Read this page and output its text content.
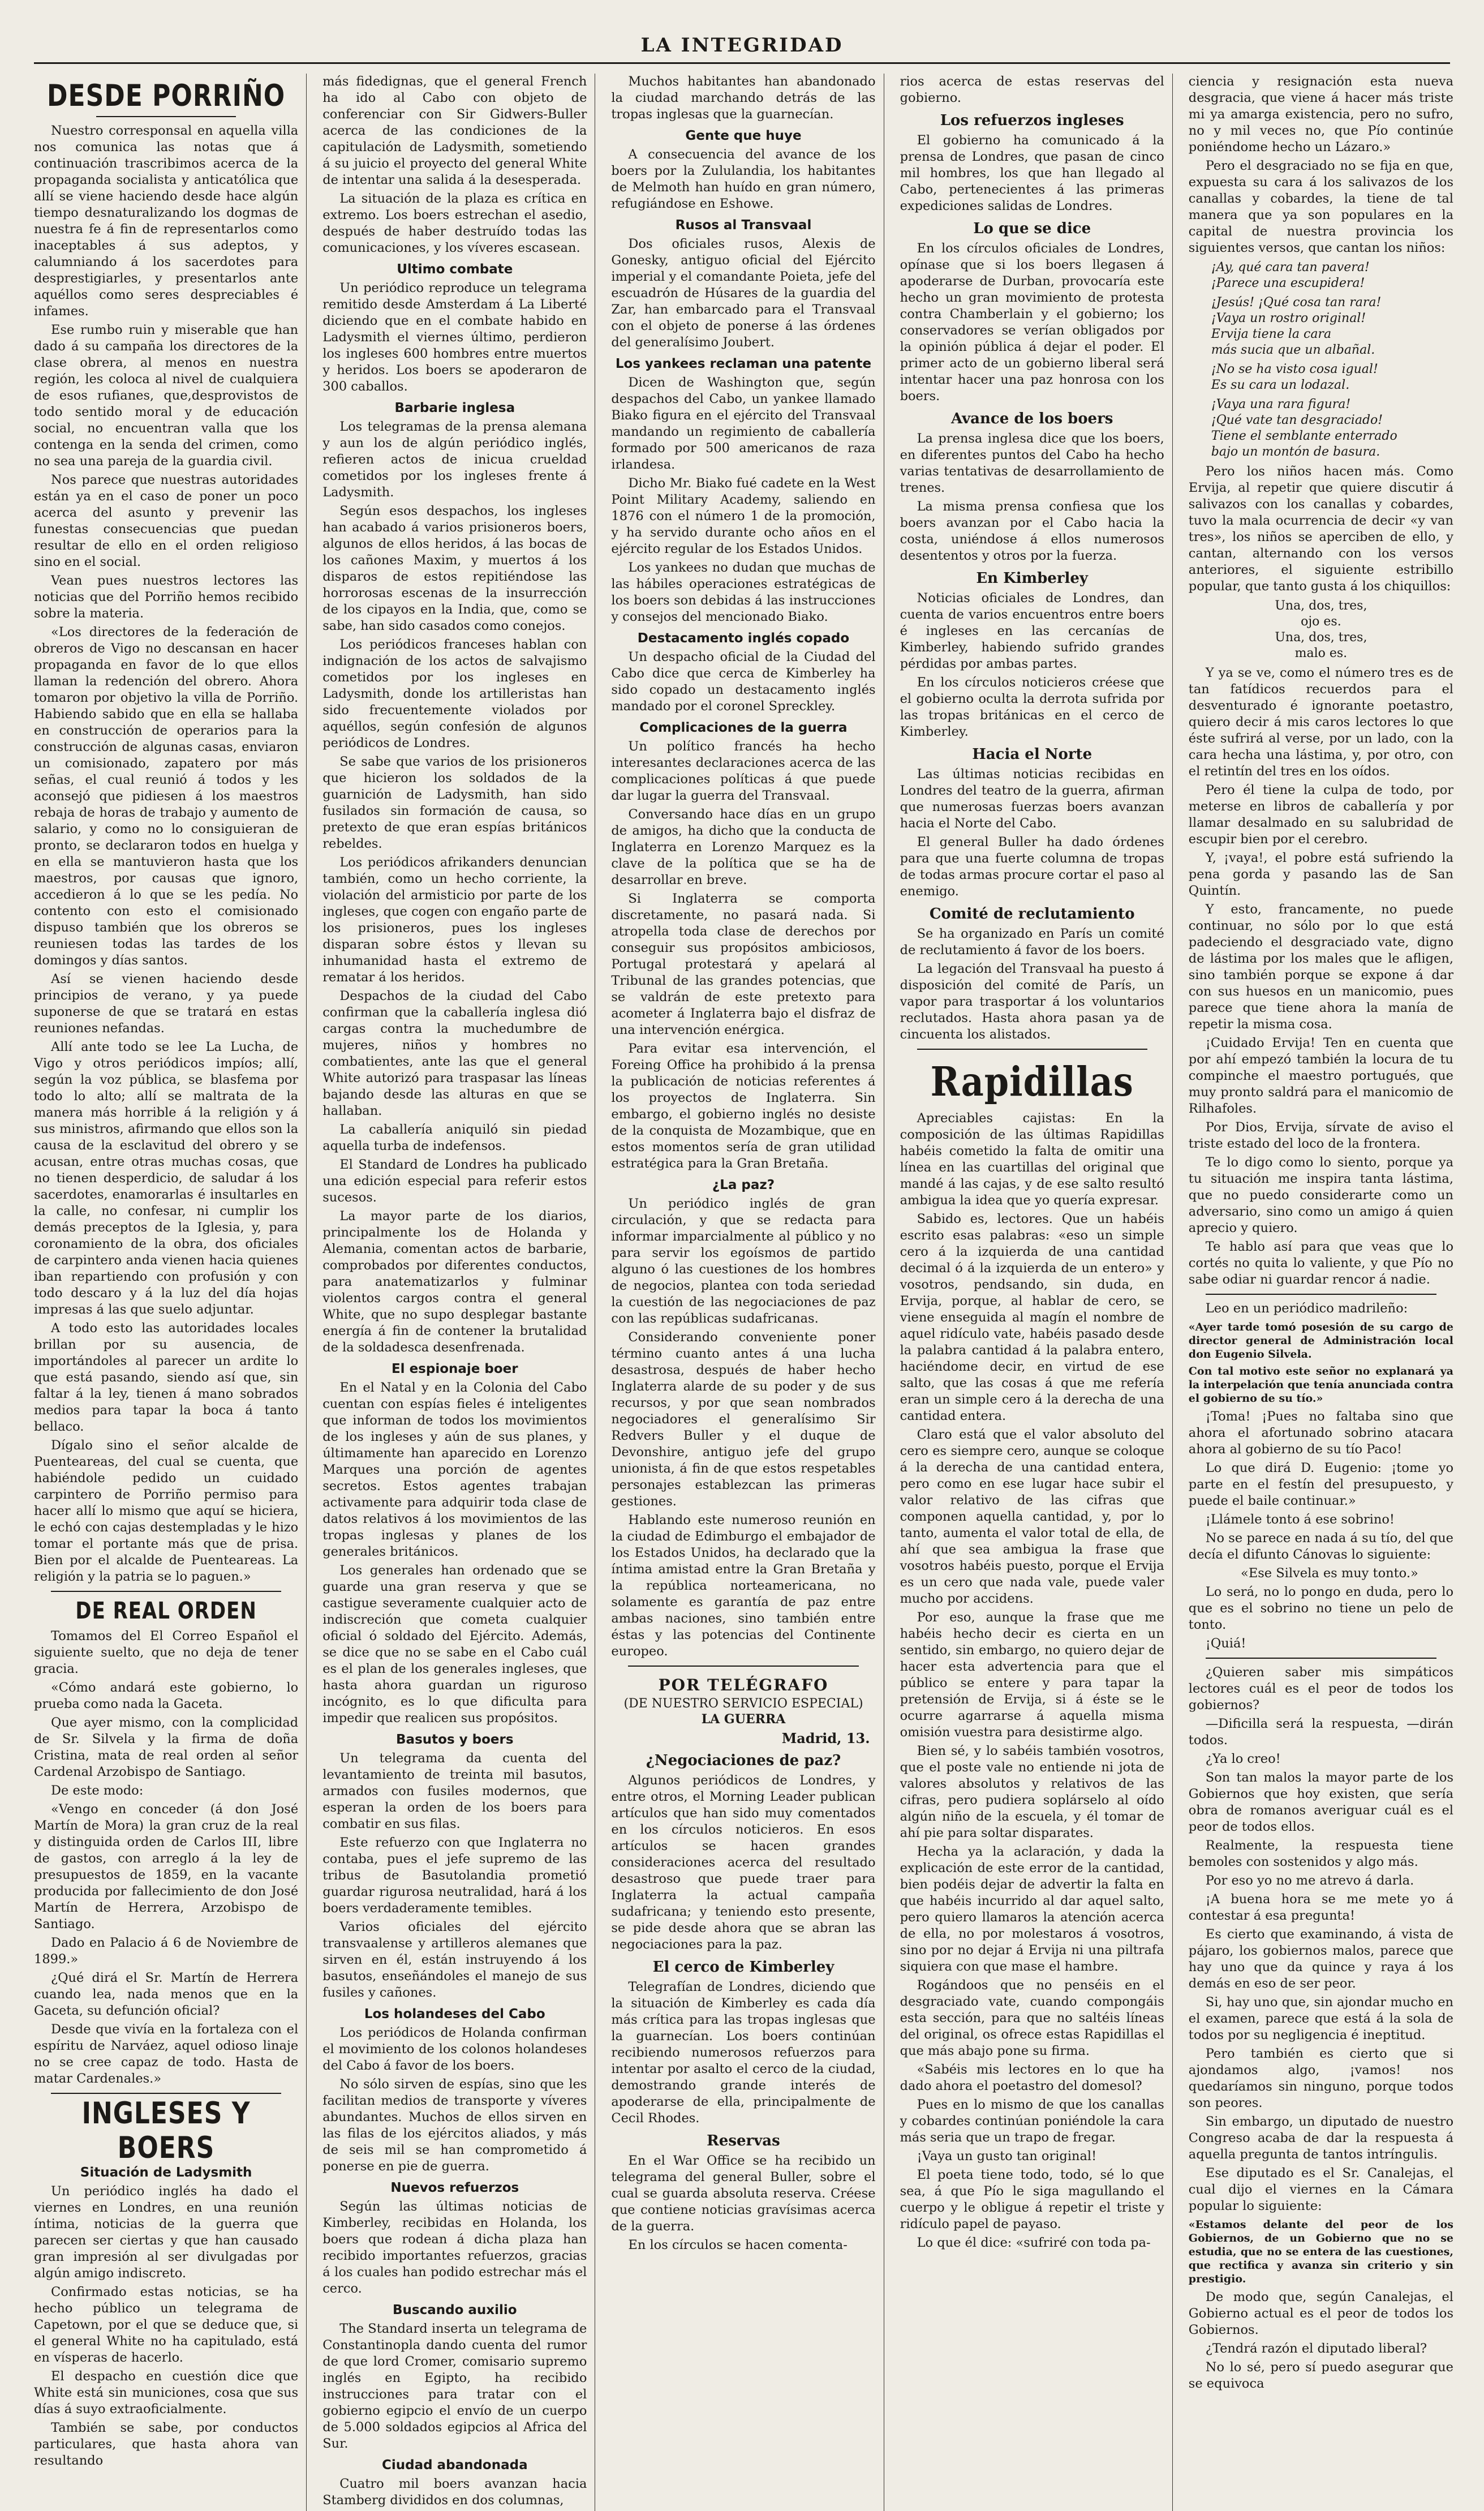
LA INTEGRIDAD
DESDE PORRIÑO

Nuestro corresponsal en aquella villa nos comunica las notas que á continuación trascribimos acerca de la propaganda socialista y anticatólica que allí se viene haciendo desde hace algún tiempo desnaturalizando los dogmas de nuestra fe á fin de representarlos como inaceptables á sus adeptos, y calumniando á los sacerdotes para desprestigiarles, y presentarlos ante aquéllos como seres despreciables é infames.

Ese rumbo ruin y miserable que han dado á su campaña los directores de la clase obrera, al menos en nuestra región, les coloca al nivel de cualquiera de esos rufianes, que,desprovistos de todo sentido moral y de educación social, no encuentran valla que los contenga en la senda del crimen, como no sea una pareja de la guardia civil.

Nos parece que nuestras autoridades están ya en el caso de poner un poco acerca del asunto y prevenir las funestas consecuencias que puedan resultar de ello en el orden religioso sino en el social.

Vean pues nuestros lectores las noticias que del Porriño hemos recibido sobre la materia.

«Los directores de la federación de obreros de Vigo no descansan en hacer propaganda en favor de lo que ellos llaman la redención del obrero. Ahora tomaron por objetivo la villa de Porriño. Habiendo sabido que en ella se hallaba en construcción de operarios para la construcción de algunas casas, enviaron un comisionado, zapatero por más señas, el cual reunió á todos y les aconsejó que pidiesen á los maestros rebaja de horas de trabajo y aumento de salario, y como no lo consiguieran de pronto, se declararon todos en huelga y en ella se mantuvieron hasta que los maestros, por causas que ignoro, accedieron á lo que se les pedía. No contento con esto el comisionado dispuso también que los obreros se reuniesen todas las tardes de los domingos y días santos.

Así se vienen haciendo desde principios de verano, y ya puede suponerse de que se tratará en estas reuniones nefandas.

Allí ante todo se lee La Lucha, de Vigo y otros periódicos impíos; allí, según la voz pública, se blasfema por todo lo alto; allí se maltrata de la manera más horrible á la religión y á sus ministros, afirmando que ellos son la causa de la esclavitud del obrero y se acusan, entre otras muchas cosas, que no tienen desperdicio, de saludar á los sacerdotes, enamorarlas é insultarles en la calle, no confesar, ni cumplir los demás preceptos de la Iglesia, y, para coronamiento de la obra, dos oficiales de carpintero anda vienen hacia quienes iban repartiendo con profusión y con todo descaro y á la luz del día hojas impresas á las que suelo adjuntar.

A todo esto las autoridades locales brillan por su ausencia, de importándoles al parecer un ardite lo que está pasando, siendo así que, sin faltar á la ley, tienen á mano sobrados medios para tapar la boca á tanto bellaco.

Dígalo sino el señor alcalde de Puenteareas, del cual se cuenta, que habiéndole pedido un cuidado carpintero de Porriño permiso para hacer allí lo mismo que aquí se hiciera, le echó con cajas destempladas y le hizo tomar el portante más que de prisa. Bien por el alcalde de Puenteareas. La religión y la patria se lo paguen.»

DE REAL ORDEN

Tomamos del El Correo Español el siguiente suelto, que no deja de tener gracia.

«Cómo andará este gobierno, lo prueba como nada la Gaceta.

Que ayer mismo, con la complicidad de Sr. Silvela y la firma de doña Cristina, mata de real orden al señor Cardenal Arzobispo de Santiago.

De este modo:

«Vengo en conceder (á don José Martín de Mora) la gran cruz de la real y distinguida orden de Carlos III, libre de gastos, con arreglo á la ley de presupuestos de 1859, en la vacante producida por fallecimiento de don José Martín de Herrera, Arzobispo de Santiago.

Dado en Palacio á 6 de Noviembre de 1899.»

¿Qué dirá el Sr. Martín de Herrera cuando lea, nada menos que en la Gaceta, su defunción oficial?

Desde que vivía en la fortaleza con el espíritu de Narváez, aquel odioso linaje no se cree capaz de todo. Hasta de matar Cardenales.»

INGLESES Y BOERS
Situación de Ladysmith

Un periódico inglés ha dado el viernes en Londres, en una reunión íntima, noticias de la guerra que parecen ser ciertas y que han causado gran impresión al ser divulgadas por algún amigo indiscreto.

Confirmado estas noticias, se ha hecho público un telegrama de Capetown, por el que se deduce que, si el general White no ha capitulado, está en vísperas de hacerlo.

El despacho en cuestión dice que White está sin municiones, cosa que sus días á suyo extraoficialmente.

También se sabe, por conductos particulares, que hasta ahora van resultando

más fidedignas, que el general French ha ido al Cabo con objeto de conferenciar con Sir Gidwers-Buller acerca de las condiciones de la capitulación de Ladysmith, sometiendo á su juicio el proyecto del general White de intentar una salida á la desesperada.

La situación de la plaza es crítica en extremo. Los boers estrechan el asedio, después de haber destruído todas las comunicaciones, y los víveres escasean.

Ultimo combate

Un periódico reproduce un telegrama remitido desde Amsterdam á La Liberté diciendo que en el combate habido en Ladysmith el viernes último, perdieron los ingleses 600 hombres entre muertos y heridos. Los boers se apoderaron de 300 caballos.

Barbarie inglesa

Los telegramas de la prensa alemana y aun los de algún periódico inglés, refieren actos de inicua crueldad cometidos por los ingleses frente á Ladysmith.

Según esos despachos, los ingleses han acabado á varios prisioneros boers, algunos de ellos heridos, á las bocas de los cañones Maxim, y muertos á los disparos de estos repitiéndose las horrorosas escenas de la insurrección de los cipayos en la India, que, como se sabe, han sido casados como conejos.

Los periódicos franceses hablan con indignación de los actos de salvajismo cometidos por los ingleses en Ladysmith, donde los artilleristas han sido frecuentemente violados por aquéllos, según confesión de algunos periódicos de Londres.

Se sabe que varios de los prisioneros que hicieron los soldados de la guarnición de Ladysmith, han sido fusilados sin formación de causa, so pretexto de que eran espías británicos rebeldes.

Los periódicos afrikanders denuncian también, como un hecho corriente, la violación del armisticio por parte de los ingleses, que cogen con engaño parte de los prisioneros, pues los ingleses disparan sobre éstos y llevan su inhumanidad hasta el extremo de rematar á los heridos.

Despachos de la ciudad del Cabo confirman que la caballería inglesa dió cargas contra la muchedumbre de mujeres, niños y hombres no combatientes, ante las que el general White autorizó para traspasar las líneas bajando desde las alturas en que se hallaban.

La caballería aniquiló sin piedad aquella turba de indefensos.

El Standard de Londres ha publicado una edición especial para referir estos sucesos.

La mayor parte de los diarios, principalmente los de Holanda y Alemania, comentan actos de barbarie, comprobados por diferentes conductos, para anatematizarlos y fulminar violentos cargos contra el general White, que no supo desplegar bastante energía á fin de contener la brutalidad de la soldadesca desenfrenada.

El espionaje boer

En el Natal y en la Colonia del Cabo cuentan con espías fieles é inteligentes que informan de todos los movimientos de los ingleses y aún de sus planes, y últimamente han aparecido en Lorenzo Marques una porción de agentes secretos. Estos agentes trabajan activamente para adquirir toda clase de datos relativos á los movimientos de las tropas inglesas y planes de los generales británicos.

Los generales han ordenado que se guarde una gran reserva y que se castigue severamente cualquier acto de indiscreción que cometa cualquier oficial ó soldado del Ejército. Además, se dice que no se sabe en el Cabo cuál es el plan de los generales ingleses, que hasta ahora guardan un riguroso incógnito, es lo que dificulta para impedir que realicen sus propósitos.

Basutos y boers

Un telegrama da cuenta del levantamiento de treinta mil basutos, armados con fusiles modernos, que esperan la orden de los boers para combatir en sus filas.

Este refuerzo con que Inglaterra no contaba, pues el jefe supremo de las tribus de Basutolandia prometió guardar rigurosa neutralidad, hará á los boers verdaderamente temibles.

Varios oficiales del ejército transvaalense y artilleros alemanes que sirven en él, están instruyendo á los basutos, enseñándoles el manejo de sus fusiles y cañones.

Los holandeses del Cabo

Los periódicos de Holanda confirman el movimiento de los colonos holandeses del Cabo á favor de los boers.

No sólo sirven de espías, sino que les facilitan medios de transporte y víveres abundantes. Muchos de ellos sirven en las filas de los ejércitos aliados, y más de seis mil se han comprometido á ponerse en pie de guerra.

Nuevos refuerzos

Según las últimas noticias de Kimberley, recibidas en Holanda, los boers que rodean á dicha plaza han recibido importantes refuerzos, gracias á los cuales han podido estrechar más el cerco.

Buscando auxilio

The Standard inserta un telegrama de Constantinopla dando cuenta del rumor de que lord Cromer, comisario supremo inglés en Egipto, ha recibido instrucciones para tratar con el gobierno egipcio el envío de un cuerpo de 5.000 soldados egipcios al Africa del Sur.

Ciudad abandonada

Cuatro mil boers avanzan hacia Stamberg divididos en dos columnas,

Muchos habitantes han abandonado la ciudad marchando detrás de las tropas inglesas que la guarnecían.

Gente que huye

A consecuencia del avance de los boers por la Zululandia, los habitantes de Melmoth han huído en gran número, refugiándose en Eshowe.

Rusos al Transvaal

Dos oficiales rusos, Alexis de Gonesky, antiguo oficial del Ejército imperial y el comandante Poieta, jefe del escuadrón de Húsares de la guardia del Zar, han embarcado para el Transvaal con el objeto de ponerse á las órdenes del generalísimo Joubert.

Los yankees reclaman una patente

Dicen de Washington que, según despachos del Cabo, un yankee llamado Biako figura en el ejército del Transvaal mandando un regimiento de caballería formado por 500 americanos de raza irlandesa.

Dicho Mr. Biako fué cadete en la West Point Military Academy, saliendo en 1876 con el número 1 de la promoción, y ha servido durante ocho años en el ejército regular de los Estados Unidos.

Los yankees no dudan que muchas de las hábiles operaciones estratégicas de los boers son debidas á las instrucciones y consejos del mencionado Biako.

Destacamento inglés copado

Un despacho oficial de la Ciudad del Cabo dice que cerca de Kimberley ha sido copado un destacamento inglés mandado por el coronel Spreckley.

Complicaciones de la guerra

Un político francés ha hecho interesantes declaraciones acerca de las complicaciones políticas á que puede dar lugar la guerra del Transvaal.

Conversando hace días en un grupo de amigos, ha dicho que la conducta de Inglaterra en Lorenzo Marquez es la clave de la política que se ha de desarrollar en breve.

Si Inglaterra se comporta discretamente, no pasará nada. Si atropella toda clase de derechos por conseguir sus propósitos ambiciosos, Portugal protestará y apelará al Tribunal de las grandes potencias, que se valdrán de este pretexto para acometer á Inglaterra bajo el disfraz de una intervención enérgica.

Para evitar esa intervención, el Foreing Office ha prohibido á la prensa la publicación de noticias referentes á los proyectos de Inglaterra. Sin embargo, el gobierno inglés no desiste de la conquista de Mozambique, que en estos momentos sería de gran utilidad estratégica para la Gran Bretaña.

¿La paz?

Un periódico inglés de gran circulación, y que se redacta para informar imparcialmente al público y no para servir los egoísmos de partido alguno ó las cuestiones de los hombres de negocios, plantea con toda seriedad la cuestión de las negociaciones de paz con las repúblicas sudafricanas.

Considerando conveniente poner término cuanto antes á una lucha desastrosa, después de haber hecho Inglaterra alarde de su poder y de sus recursos, y por que sean nombrados negociadores el generalísimo Sir Redvers Buller y el duque de Devonshire, antiguo jefe del grupo unionista, á fin de que estos respetables personajes establezcan las primeras gestiones.

Hablando este numeroso reunión en la ciudad de Edimburgo el embajador de los Estados Unidos, ha declarado que la íntima amistad entre la Gran Bretaña y la república norteamericana, no solamente es garantía de paz entre ambas naciones, sino también entre éstas y las potencias del Continente europeo.

POR TELÉGRAFO
(DE NUESTRO SERVICIO ESPECIAL)
LA GUERRA
Madrid, 13.
¿Negociaciones de paz?

Algunos periódicos de Londres, y entre otros, el Morning Leader publican artículos que han sido muy comentados en los círculos noticieros. En esos artículos se hacen grandes consideraciones acerca del resultado desastroso que puede traer para Inglaterra la actual campaña sudafricana; y teniendo esto presente, se pide desde ahora que se abran las negociaciones para la paz.

El cerco de Kimberley

Telegrafían de Londres, diciendo que la situación de Kimberley es cada día más crítica para las tropas inglesas que la guarnecían. Los boers continúan recibiendo numerosos refuerzos para intentar por asalto el cerco de la ciudad, demostrando grande interés de apoderarse de ella, principalmente de Cecil Rhodes.

Reservas

En el War Office se ha recibido un telegrama del general Buller, sobre el cual se guarda absoluta reserva. Créese que contiene noticias gravísimas acerca de la guerra.

En los círculos se hacen comenta-

rios acerca de estas reservas del gobierno.

Los refuerzos ingleses

El gobierno ha comunicado á la prensa de Londres, que pasan de cinco mil hombres, los que han llegado al Cabo, pertenecientes á las primeras expediciones salidas de Londres.

Lo que se dice

En los círculos oficiales de Londres, opínase que si los boers llegasen á apoderarse de Durban, provocaría este hecho un gran movimiento de protesta contra Chamberlain y el gobierno; los conservadores se verían obligados por la opinión pública á dejar el poder. El primer acto de un gobierno liberal será intentar hacer una paz honrosa con los boers.

Avance de los boers

La prensa inglesa dice que los boers, en diferentes puntos del Cabo ha hecho varias tentativas de desarrollamiento de trenes.

La misma prensa confiesa que los boers avanzan por el Cabo hacia la costa, uniéndose á ellos numerosos desententos y otros por la fuerza.

En Kimberley

Noticias oficiales de Londres, dan cuenta de varios encuentros entre boers é ingleses en las cercanías de Kimberley, habiendo sufrido grandes pérdidas por ambas partes.

En los círculos noticieros créese que el gobierno oculta la derrota sufrida por las tropas británicas en el cerco de Kimberley.

Hacia el Norte

Las últimas noticias recibidas en Londres del teatro de la guerra, afirman que numerosas fuerzas boers avanzan hacia el Norte del Cabo.

El general Buller ha dado órdenes para que una fuerte columna de tropas de todas armas procure cortar el paso al enemigo.

Comité de reclutamiento

Se ha organizado en París un comité de reclutamiento á favor de los boers.

La legación del Transvaal ha puesto á disposición del comité de París, un vapor para trasportar á los voluntarios reclutados. Hasta ahora pasan ya de cincuenta los alistados.

Rapidillas

Apreciables cajistas: En la composición de las últimas Rapidillas habéis cometido la falta de omitir una línea en las cuartillas del original que mandé á las cajas, y de ese salto resultó ambigua la idea que yo quería expresar.

Sabido es, lectores. Que un habéis escrito esas palabras: «eso un simple cero á la izquierda de una cantidad decimal ó á la izquierda de un entero» y vosotros, pendsando, sin duda, en Ervija, porque, al hablar de cero, se viene enseguida al magín el nombre de aquel ridículo vate, habéis pasado desde la palabra cantidad á la palabra entero, haciéndome decir, en virtud de ese salto, que las cosas á que me refería eran un simple cero á la derecha de una cantidad entera.

Claro está que el valor absoluto del cero es siempre cero, aunque se coloque á la derecha de una cantidad entera, pero como en ese lugar hace subir el valor relativo de las cifras que componen aquella cantidad, y, por lo tanto, aumenta el valor total de ella, de ahí que sea ambigua la frase que vosotros habéis puesto, porque el Ervija es un cero que nada vale, puede valer mucho por accidens.

Por eso, aunque la frase que me habéis hecho decir es cierta en un sentido, sin embargo, no quiero dejar de hacer esta advertencia para que el público se entere y para tapar la pretensión de Ervija, si á éste se le ocurre agarrarse á aquella misma omisión vuestra para desistirme algo.

Bien sé, y lo sabéis también vosotros, que el poste vale no entiende ni jota de valores absolutos y relativos de las cifras, pero pudiera soplárselo al oído algún niño de la escuela, y él tomar de ahí pie para soltar disparates.

Hecha ya la aclaración, y dada la explicación de este error de la cantidad, bien podéis dejar de advertir la falta en que habéis incurrido al dar aquel salto, pero quiero llamaros la atención acerca de ella, no por molestaros á vosotros, sino por no dejar á Ervija ni una piltrafa siquiera con que mase el hambre.

Rogándoos que no penséis en el desgraciado vate, cuando compongáis esta sección, para que no saltéis líneas del original, os ofrece estas Rapidillas el que más abajo pone su firma.

«Sabéis mis lectores en lo que ha dado ahora el poetastro del domesol?

Pues en lo mismo de que los canallas y cobardes continúan poniéndole la cara más seria que un trapo de fregar.

¡Vaya un gusto tan original!

El poeta tiene todo, todo, sé lo que sea, á que Pío le siga magullando el cuerpo y le obligue á repetir el triste y ridículo papel de payaso.

Lo que él dice: «sufriré con toda pa-

ciencia y resignación esta nueva desgracia, que viene á hacer más triste mi ya amarga existencia, pero no sufro, no y mil veces no, que Pío continúe poniéndome hecho un Lázaro.»

Pero el desgraciado no se fija en que, expuesta su cara á los salivazos de los canallas y cobardes, la tiene de tal manera que ya son populares en la capital de nuestra provincia los siguientes versos, que cantan los niños:

¡Ay, qué cara tan pavera!
¡Parece una escupidera!
¡Jesús! ¡Qué cosa tan rara!
¡Vaya un rostro original!
Ervija tiene la cara
más sucia que un albañal.
¡No se ha visto cosa igual!
Es su cara un lodazal.
¡Vaya una rara figura!
¡Qué vate tan desgraciado!
Tiene el semblante enterrado
bajo un montón de basura.

Pero los niños hacen más. Como Ervija, al repetir que quiere discutir á salivazos con los canallas y cobardes, tuvo la mala ocurrencia de decir «y van tres», los niños se aperciben de ello, y cantan, alternando con los versos anteriores, el siguiente estribillo popular, que tanto gusta á los chiquillos:

Una, dos, tres,
ojo es.
Una, dos, tres,
malo es.

Y ya se ve, como el número tres es de tan fatídicos recuerdos para el desventurado é ignorante poetastro, quiero decir á mis caros lectores lo que éste sufrirá al verse, por un lado, con la cara hecha una lástima, y, por otro, con el retintín del tres en los oídos.

Pero él tiene la culpa de todo, por meterse en libros de caballería y por llamar desalmado en su salubridad de escupir bien por el cerebro.

Y, ¡vaya!, el pobre está sufriendo la pena gorda y pasando las de San Quintín.

Y esto, francamente, no puede continuar, no sólo por lo que está padeciendo el desgraciado vate, digno de lástima por los males que le afligen, sino también porque se expone á dar con sus huesos en un manicomio, pues parece que tiene ahora la manía de repetir la misma cosa.

¡Cuidado Ervija! Ten en cuenta que por ahí empezó también la locura de tu compinche el maestro portugués, que muy pronto saldrá para el manicomio de Rilhafoles.

Por Dios, Ervija, sírvate de aviso el triste estado del loco de la frontera.

Te lo digo como lo siento, porque ya tu situación me inspira tanta lástima, que no puedo considerarte como un adversario, sino como un amigo á quien aprecio y quiero.

Te hablo así para que veas que lo cortés no quita lo valiente, y que Pío no sabe odiar ni guardar rencor á nadie.

Leo en un periódico madrileño:

«Ayer tarde tomó posesión de su cargo de director general de Administración local don Eugenio Silvela.

Con tal motivo este señor no explanará ya la interpelación que tenía anunciada contra el gobierno de su tío.»

¡Toma! ¡Pues no faltaba sino que ahora el afortunado sobrino atacara ahora al gobierno de su tío Paco!

Lo que dirá D. Eugenio: ¡tome yo parte en el festín del presupuesto, y puede el baile continuar.»

¡Llámele tonto á ese sobrino!

No se parece en nada á su tío, del que decía el difunto Cánovas lo siguiente:

«Ese Silvela es muy tonto.»

Lo será, no lo pongo en duda, pero lo que es el sobrino no tiene un pelo de tonto.

¡Quiá!

¿Quieren saber mis simpáticos lectores cuál es el peor de todos los gobiernos?

—Dificilla será la respuesta, —dirán todos.

¿Ya lo creo!

Son tan malos la mayor parte de los Gobiernos que hoy existen, que sería obra de romanos averiguar cuál es el peor de todos ellos.

Realmente, la respuesta tiene bemoles con sostenidos y algo más.

Por eso yo no me atrevo á darla.

¡A buena hora se me mete yo á contestar á esa pregunta!

Es cierto que examinando, á vista de pájaro, los gobiernos malos, parece que hay uno que da quince y raya á los demás en eso de ser peor.

Si, hay uno que, sin ajondar mucho en el examen, parece que está á la sola de todos por su negligencia é ineptitud.

Pero también es cierto que si ajondamos algo, ¡vamos! nos quedaríamos sin ninguno, porque todos son peores.

Sin embargo, un diputado de nuestro Congreso acaba de dar la respuesta á aquella pregunta de tantos intríngulis.

Ese diputado es el Sr. Canalejas, el cual dijo el viernes en la Cámara popular lo siguiente:

«Estamos delante del peor de los Gobiernos, de un Gobierno que no se estudia, que no se entera de las cuestiones, que rectifica y avanza sin criterio y sin prestigio.

De modo que, según Canalejas, el Gobierno actual es el peor de todos los Gobiernos.

¿Tendrá razón el diputado liberal?

No lo sé, pero sí puedo asegurar que se equivoca
